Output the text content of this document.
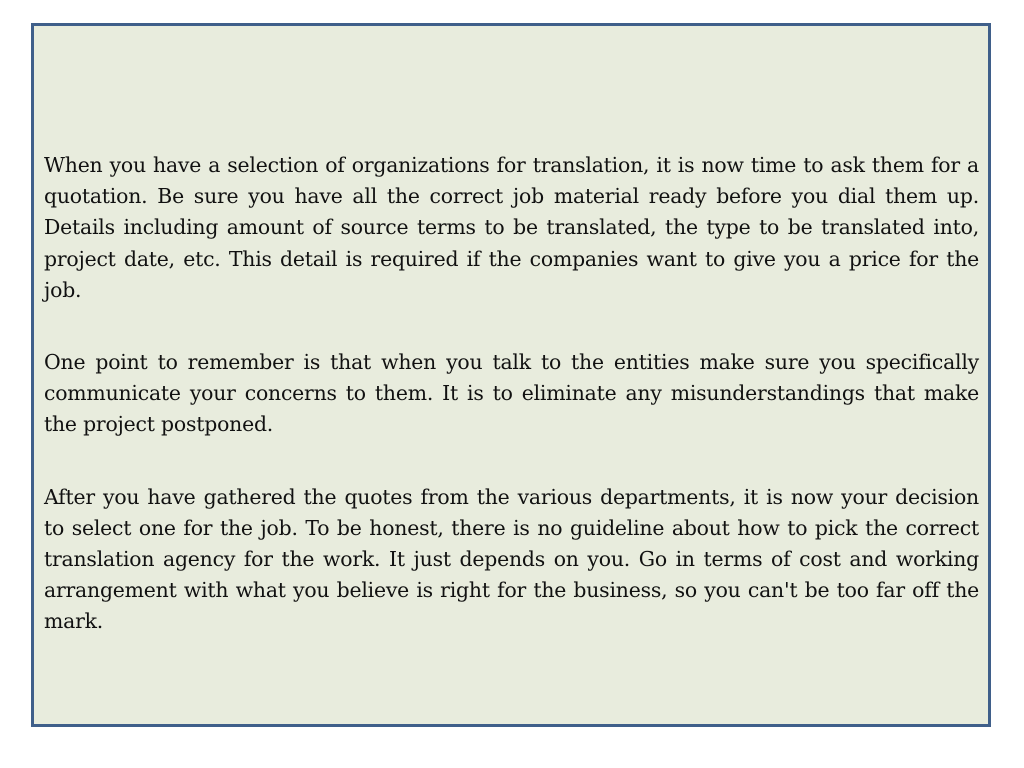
When you have a selection of organizations for translation, it is now time to ask them for a quotation. Be sure you have all the correct job material ready before you dial them up. Details including amount of source terms to be translated, the type to be translated into, project date, etc. This detail is required if the companies want to give you a price for the job.

One point to remember is that when you talk to the entities make sure you specifically communicate your concerns to them. It is to eliminate any misunderstandings that make the project postponed.

After you have gathered the quotes from the various departments, it is now your decision to select one for the job. To be honest, there is no guideline about how to pick the correct translation agency for the work. It just depends on you. Go in terms of cost and working arrangement with what you believe is right for the business, so you can't be too far off the mark.
